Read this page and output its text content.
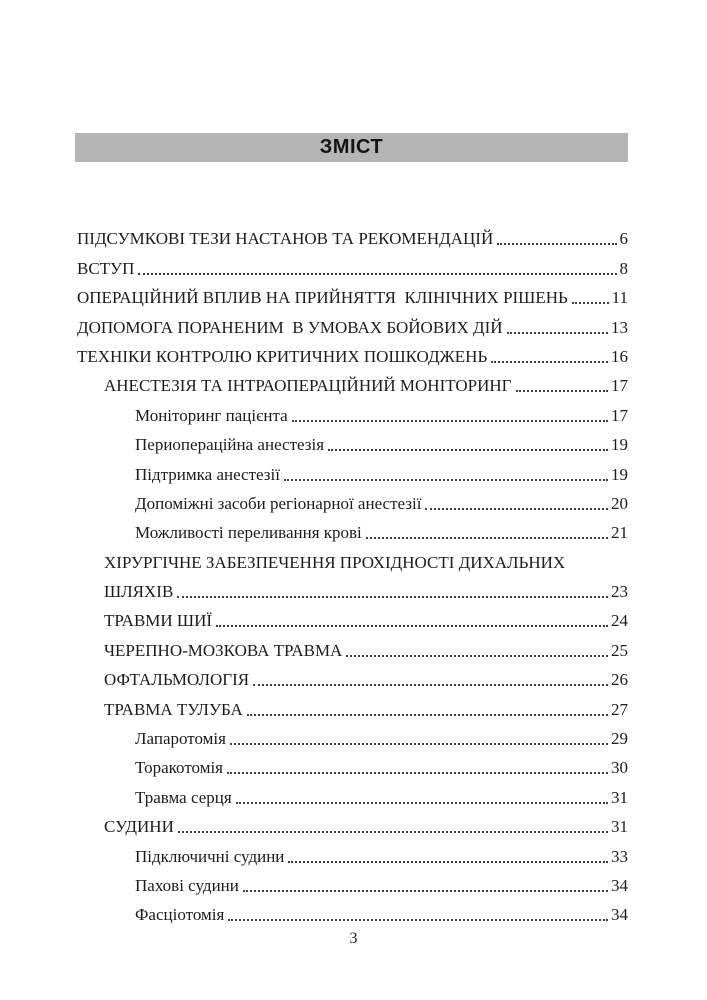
ЗМІСТ
ПІДСУМКОВІ ТЕЗИ НАСТАНОВ ТА РЕКОМЕНДАЦІЙ	6
ВСТУП	8
ОПЕРАЦІЙНИЙ ВПЛИВ НА ПРИЙНЯТТЯ  КЛІНІЧНИХ РІШЕНЬ	11
ДОПОМОГА ПОРАНЕНИМ  В УМОВАХ БОЙОВИХ ДІЙ	13
ТЕХНІКИ КОНТРОЛЮ КРИТИЧНИХ ПОШКОДЖЕНЬ	16
АНЕСТЕЗІЯ ТА ІНТРАОПЕРАЦІЙНИЙ МОНІТОРИНГ	17
Моніторинг пацієнта	17
Периопераційна анестезія	19
Підтримка анестезії	19
Допоміжні засоби регіонарної анестезії	20
Можливості переливання крові	21
ХІРУРГІЧНЕ ЗАБЕЗПЕЧЕННЯ ПРОХІДНОСТІ ДИХАЛЬНИХ
ШЛЯХІВ	23
ТРАВМИ ШИЇ	24
ЧЕРЕПНО-МОЗКОВА ТРАВМА	25
ОФТАЛЬМОЛОГІЯ	26
ТРАВМА ТУЛУБА	27
Лапаротомія	29
Торакотомія	30
Травма серця	31
СУДИНИ	31
Підключичні судини	33
Пахові судини	34
Фасціотомія	34
3
